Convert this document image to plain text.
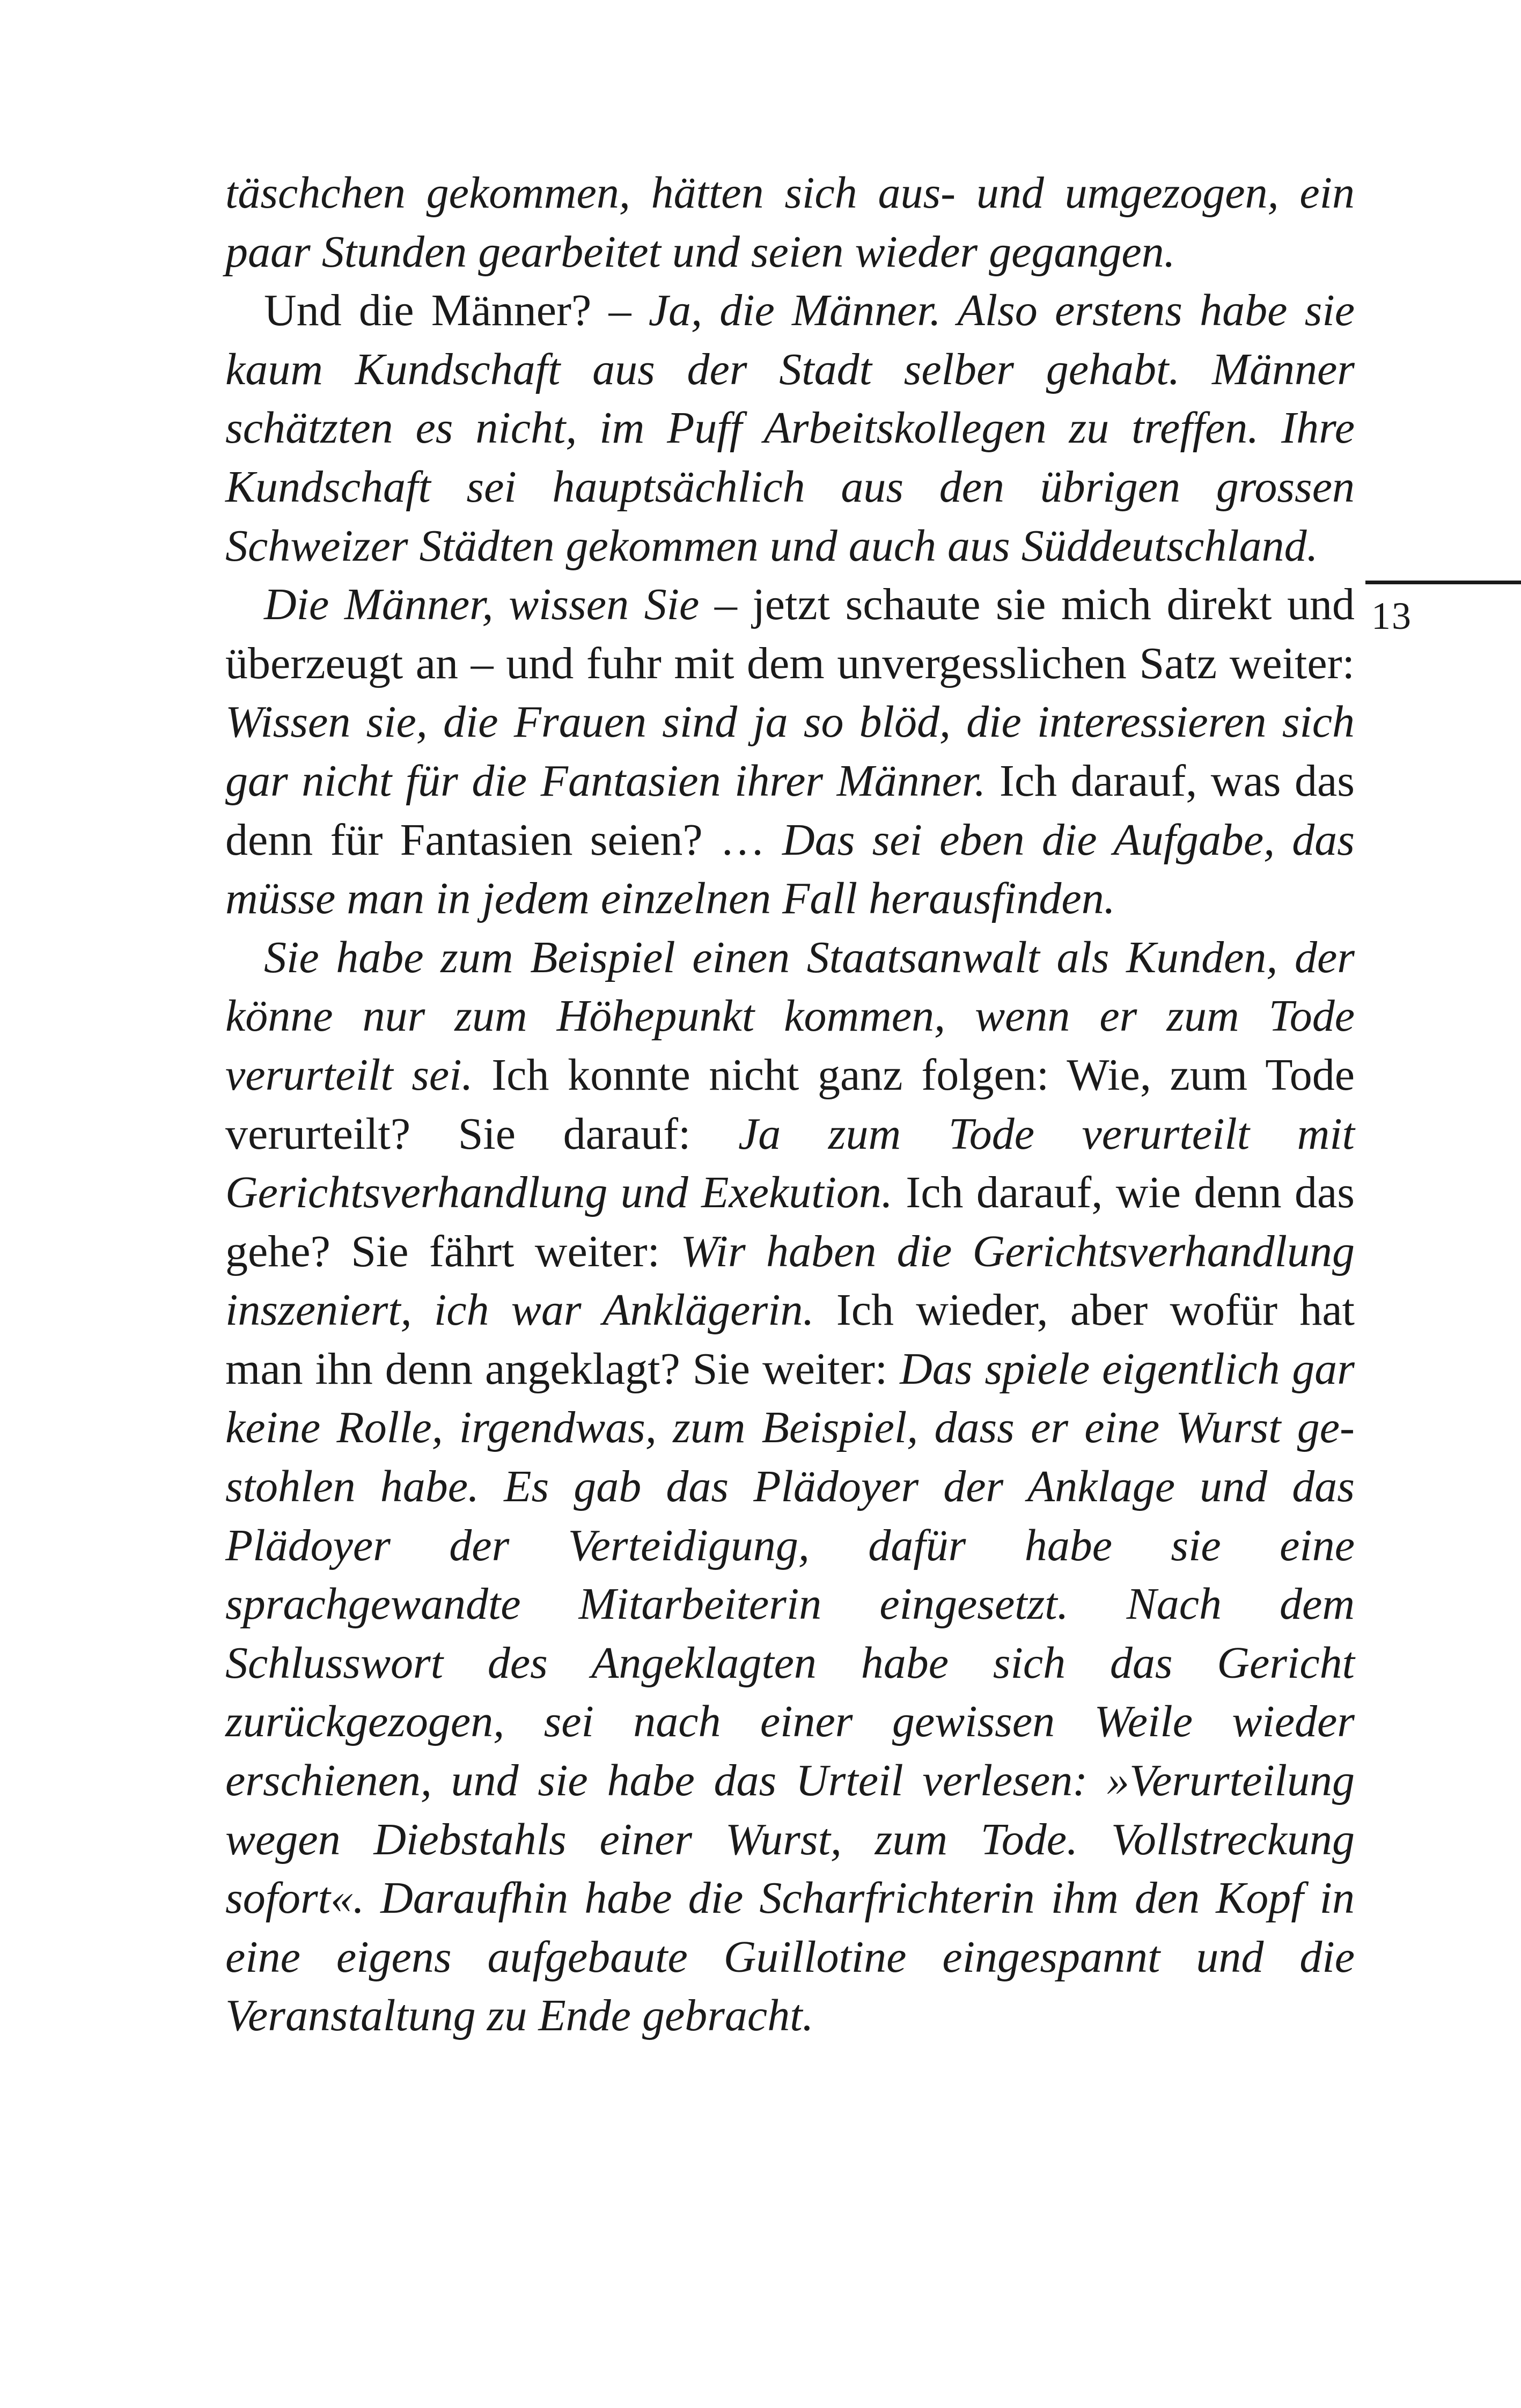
täschchen gekommen, hätten sich aus- und umgezogen, ein paar Stunden gearbeitet und seien wieder gegangen.

Und die Männer? – Ja, die Männer. Also erstens habe sie kaum Kundschaft aus der Stadt selber gehabt. Männer schätzten es nicht, im Puff Arbeitskollegen zu treffen. Ihre Kundschaft sei hauptsächlich aus den übrigen grossen Schweizer Städten gekommen und auch aus Süddeutschland.

Die Männer, wissen Sie – jetzt schaute sie mich direkt und überzeugt an – und fuhr mit dem unvergesslichen Satz weiter: Wissen sie, die Frauen sind ja so blöd, die interessieren sich gar nicht für die Fantasien ihrer Männer. Ich darauf, was das denn für Fantasien seien? … Das sei eben die Aufgabe, das müsse man in jedem einzelnen Fall herausfinden.

Sie habe zum Beispiel einen Staatsanwalt als Kunden, der könne nur zum Höhepunkt kommen, wenn er zum Tode verurteilt sei. Ich konnte nicht ganz folgen: Wie, zum Tode verurteilt? Sie darauf: Ja zum Tode verurteilt mit Gerichtsverhandlung und Exekution. Ich darauf, wie denn das gehe? Sie fährt weiter: Wir haben die Gerichtsverhandlung inszeniert, ich war Anklägerin. Ich wieder, aber wofür hat man ihn denn angeklagt? Sie weiter: Das spiele eigentlich gar keine Rolle, irgendwas, zum Beispiel, dass er eine Wurst gestohlen habe. Es gab das Plädoyer der Anklage und das Plädoyer der Verteidigung, dafür habe sie eine sprachgewandte Mitarbeiterin eingesetzt. Nach dem Schlusswort des Angeklagten habe sich das Gericht zurückgezogen, sei nach einer gewissen Weile wieder erschienen, und sie habe das Urteil verlesen: »Verurteilung wegen Diebstahls einer Wurst, zum Tode. Vollstreckung sofort«. Daraufhin habe die Scharfrichterin ihm den Kopf in eine eigens aufgebaute Guillotine eingespannt und die Veranstaltung zu Ende gebracht.

13
